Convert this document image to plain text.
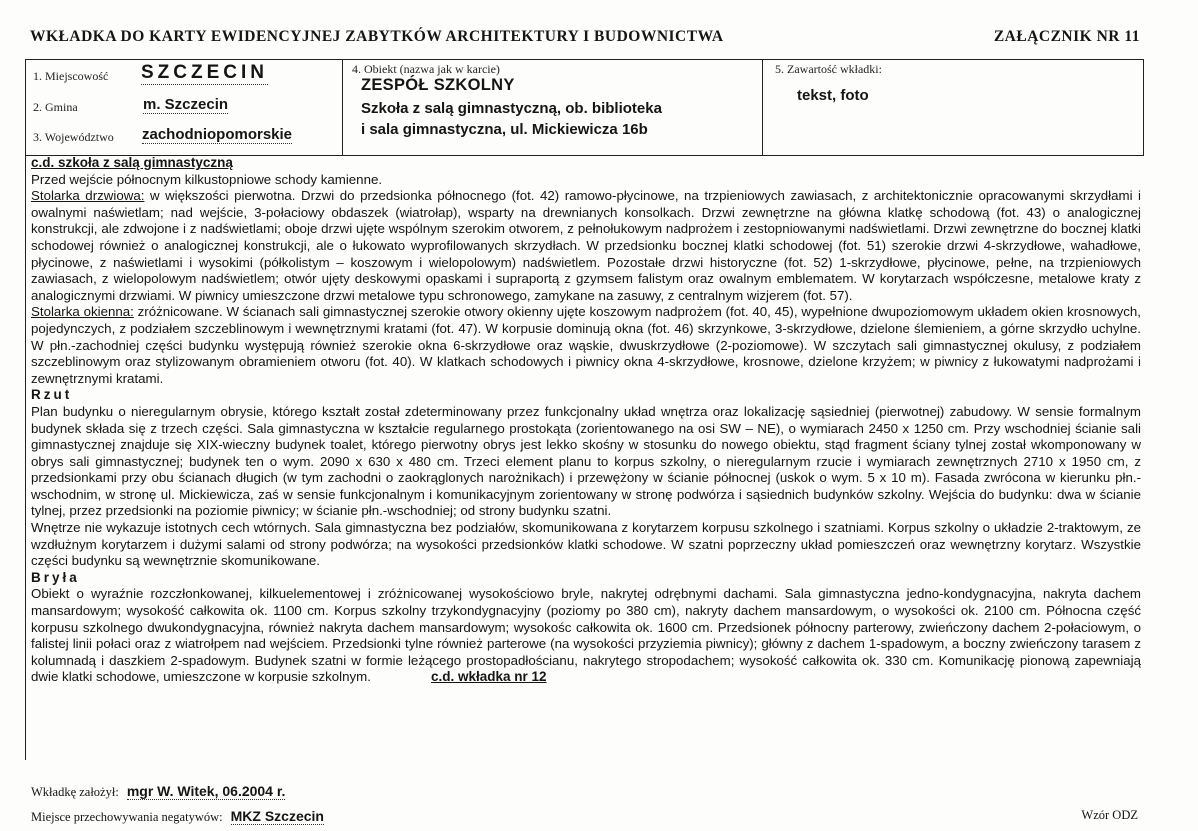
WKŁADKA DO KARTY EWIDENCYJNEJ ZABYTKÓW ARCHITEKTURY I BUDOWNICTWA	ZAŁĄCZNIK NR 11
1. Miejscowość SZCZECIN
2. Gmina	m. Szczecin
3. Województwo zachodniopomorskie
4. Obiekt (nazwa jak w karcie)
ZESPÓŁ SZKOLNY
Szkoła z salą gimnastyczną, ob. biblioteka
i sala gimnastyczna, ul. Mickiewicza 16b
5. Zawartość wkładki:
tekst, foto

c.d. szkoła z salą gimnastyczną

Przed wejście północnym kilkustopniowe schody kamienne.

Stolarka drzwiowa: w większości pierwotna. Drzwi do przedsionka północnego (fot. 42) ramowo-płycinowe, na trzpieniowych zawiasach, z architektonicznie opracowanymi skrzydłami i owalnymi naświetlam; nad wejście, 3-połaciowy obdaszek (wiatrołap), wsparty na drewnianych konsolkach. Drzwi zewnętrzne na główna klatkę schodową (fot. 43) o analogicznej konstrukcji, ale zdwojone i z nadświetlami; oboje drzwi ujęte wspólnym szerokim otworem, z pełnołukowym nadprożem i zestopniowanymi nadświetlami. Drzwi zewnętrzne do bocznej klatki schodowej również o analogicznej konstrukcji, ale o łukowato wyprofilowanych skrzydłach. W przedsionku bocznej klatki schodowej (fot. 51) szerokie drzwi 4-skrzydłowe, wahadłowe, płycinowe, z naświetlami i wysokimi (półkolistym – koszowym i wielopolowym) nadświetlem. Pozostałe drzwi historyczne (fot. 52) 1-skrzydłowe, płycinowe, pełne, na trzpieniowych zawiasach, z wielopolowym nadświetlem; otwór ujęty deskowymi opaskami i supraportą z gzymsem falistym oraz owalnym emblematem. W korytarzach współczesne, metalowe kraty z analogicznymi drzwiami. W piwnicy umieszczone drzwi metalowe typu schronowego, zamykane na zasuwy, z centralnym wizjerem (fot. 57).

Stolarka okienna: zróżnicowane. W ścianach sali gimnastycznej szerokie otwory okienny ujęte koszowym nadprożem (fot. 40, 45), wypełnione dwupoziomowym układem okien krosnowych, pojedynczych, z podziałem szczeblinowym i wewnętrznymi kratami (fot. 47). W korpusie dominują okna (fot. 46) skrzynkowe, 3-skrzydłowe, dzielone ślemieniem, a górne skrzydło uchylne. W płn.-zachodniej części budynku występują również szerokie okna 6-skrzydłowe oraz wąskie, dwuskrzydłowe (2-poziomowe). W szczytach sali gimnastycznej okulusy, z podziałem szczeblinowym oraz stylizowanym obramieniem otworu (fot. 40). W klatkach schodowych i piwnicy okna 4-skrzydłowe, krosnowe, dzielone krzyżem; w piwnicy z łukowatymi nadprożami i zewnętrznymi kratami.

Rzut

Plan budynku o nieregularnym obrysie, którego kształt został zdeterminowany przez funkcjonalny układ wnętrza oraz lokalizację sąsiedniej (pierwotnej) zabudowy. W sensie formalnym budynek składa się z trzech części. Sala gimnastyczna w kształcie regularnego prostokąta (zorientowanego na osi SW – NE), o wymiarach 2450 x 1250 cm. Przy wschodniej ścianie sali gimnastycznej znajduje się XIX-wieczny budynek toalet, którego pierwotny obrys jest lekko skośny w stosunku do nowego obiektu, stąd fragment ściany tylnej został wkomponowany w obrys sali gimnastycznej; budynek ten o wym. 2090 x 630 x 480 cm. Trzeci element planu to korpus szkolny, o nieregularnym rzucie i wymiarach zewnętrznych 2710 x 1950 cm, z przedsionkami przy obu ścianach długich (w tym zachodni o zaokrąglonych narożnikach) i przewężony w ścianie północnej (uskok o wym. 5 x 10 m). Fasada zwrócona w kierunku płn.-wschodnim, w stronę ul. Mickiewicza, zaś w sensie funkcjonalnym i komunikacyjnym zorientowany w stronę podwórza i sąsiednich budynków szkolny. Wejścia do budynku: dwa w ścianie tylnej, przez przedsionki na poziomie piwnicy; w ścianie płn.-wschodniej; od strony budynku szatni.

Wnętrze nie wykazuje istotnych cech wtórnych. Sala gimnastyczna bez podziałów, skomunikowana z korytarzem korpusu szkolnego i szatniami. Korpus szkolny o układzie 2-traktowym, ze wzdłużnym korytarzem i dużymi salami od strony podwórza; na wysokości przedsionków klatki schodowe. W szatni poprzeczny układ pomieszczeń oraz wewnętrzny korytarz. Wszystkie części budynku są wewnętrznie skomunikowane.

Bryła

Obiekt o wyraźnie rozczłonkowanej, kilkuelementowej i zróżnicowanej wysokościowo bryle, nakrytej odrębnymi dachami. Sala gimnastyczna jedno-kondygnacyjna, nakryta dachem mansardowym; wysokość całkowita ok. 1100 cm. Korpus szkolny trzykondygnacyjny (poziomy po 380 cm), nakryty dachem mansardowym, o wysokości ok. 2100 cm. Północna część korpusu szkolnego dwukondygnacyjna, również nakryta dachem mansardowym; wysokośc całkowita ok. 1600 cm. Przedsionek północny parterowy, zwieńczony dachem 2-połaciowym, o falistej linii połaci oraz z wiatrołpem nad wejściem. Przedsionki tylne również parterowe (na wysokości przyziemia piwnicy); główny z dachem 1-spadowym, a boczny zwieńczony tarasem z kolumnadą i daszkiem 2-spadowym. Budynek szatni w formie leżącego prostopadłościanu, nakrytego stropodachem; wysokość całkowita ok. 330 cm. Komunikację pionową zapewniają dwie klatki schodowe, umieszczone w korpusie szkolnym.	c.d. wkładka nr 12

Wkładkę założył: mgr W. Witek, 06.2004 r.
Miejsce przechowywania negatywów: MKZ Szczecin	Wzór ODZ
